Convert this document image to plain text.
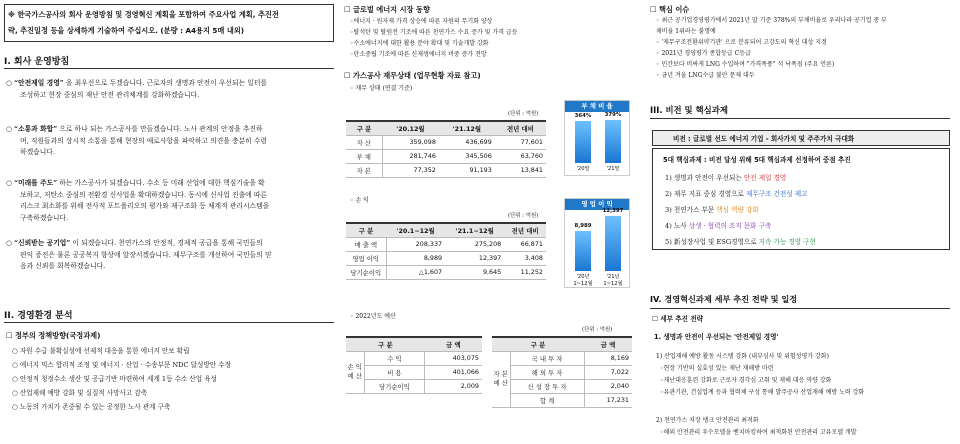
※ 한국가스공사의 회사 운영방침 및 경영혁신 계획을 포함하여 주요사업 계획, 추진전
략, 추진일정 등을 상세하게 기술하여 주십시오. (분량 : A4용지 5매 내외)
I. 회사 운영방침
○ “안전제일 경영” 을 최우선으로 두겠습니다. 근로자의 생명과 안전이 우선되는 일터를
조성하고 현장 중심의 재난 안전 관리체계를 강화하겠습니다.
○ “소통과 화합” 으로 하나 되는 가스공사를 만들겠습니다. 노사 관계의 안정을 추진하
며, 직원들과의 상시적 소통을 통해 현장의 애로사항을 파악하고 의견을 충분히 수렴
하겠습니다.
○ “미래를 주도” 하는 가스공사가 되겠습니다. 수소 등 미래 산업에 대한 핵심기술을 확
보하고, 저탄소 중심의 전환경 신사업을 확대하겠습니다. 동시에 신사업 진출에 따른
리스크 최소화를 위해 전사적 포트폴리오의 평가와 재구조화 등 체계적 관리시스템을
구축하겠습니다.
○ “신뢰받는 공기업” 이 되겠습니다. 천연가스의 안정적, 경제적 공급을 통해 국민들의
편익 증진은 물론 공공복지 향상에 앞장서겠습니다. 재무구조를 개선하여 국민들의 믿
음과 신뢰를 회복하겠습니다.
II. 경영환경 분석
☐ 정부의 정책방향(국정과제)
○ 자원 수급 불확실성에 선제적 대응을 통한 에너지 안보 확립
○ 에너지 믹스 합리적 조정 및 에너지 · 산업 · 수송부문 NDC 달성방안 수정
○ 안정적 청정수소 생산 및 공급기반 마련하여 세계 1등 수소 산업 육성
○ 산업재해 예방 강화 및 실질적 사망사고 감축
○ 노동의 가치가 존중될 수 있는 공정한 노사 관계 구축
☐ 글로벌 에너지 시장 동향
◦에너지 · 원자재 가격 상승에 따른 자원의 무기화 양상
◦탈석탄 및 탈원전 기조에 따른 천연가스 수요 증가 및 가격 급등
◦수소에너지에 대한 활용 분야 확대 및 기술개발 강화
◦탄소중립 기조에 따른 신재생에너지 비중 증가 전망
☐ 가스공사 재무상태 (업무현황 자료 참고)
◦ 재무 상태 (연결 기준)
(단위 : 억원)
구 분	'20.12월	'21.12월	전년 대비
자 산	359,098	436,699	77,601
부 채	281,746	345,506	63,760
자 본	77,352	91,193	13,841
부 채 비 율
364%
'20말
379%
'21말
◦ 손 익
(단위 : 억원)
구 분	'20.1~12월	'21.1~12월	전년 대비
매 출 액	208,337	275,208	66,871
영업 이익	8,989	12,397	3,408
당기순이익	△1,607	9,645	11,252
영 업 이 익
8,989
'20년 1~12월
12,397
'21년 1~12월
◦ 2022년도 예산
(단위 : 억원)
구 분		금 액
손 익 예 산	수 익	403,075
	비 용	401,066
	당기순이익	2,009
구 분		금 액
자 본 예 산	국 내 투 자	8,169
	해 외 투 자	7,022
	신 성 장 투 자	2,040
	합 계	17,231
☐ 핵심 이슈
◦ 최근 공기업경영평가에서 2021년 말 기준 378%의 부채비율로 우리나라 공기업 중 부
채비율 1위라는 불명예
◦ '재무구조전환위약기관' 으로 분류되어 고강도의 혁신 대상 지정
◦ 2021년 경영평가 종합등급 C등급
◦ 민간보다 비싸게 LNG 수입하며 "가격폭풍" 석 낙폭점 (주요 언론)
◦ 금년 겨울 LNG수급 불안 문제 대두
III. 비전 및 핵심과제
비전 : 글로벌 선도 에너지 기업 - 회사가치 및 주주가치 극대화
5대 핵심과제 : 비전 달성 위해 5대 핵심과제 선정하여 중점 추진
1) 생명과 안전이 우선되는 안전 제일 경영
2) 재무 지표 중심 경영으로 재무구조 건전성 제고
3) 천연가스 부문 핵심 역량 강화
4) 노사 상생 · 협력의 조직 문화 구축
5) 新성장사업 및 ESG경영으로 지속 가능 경영 구현
IV. 경영혁신과제 세부 추진 전략 및 일정
☐ 세부 추진 전략
1. 생명과 안전이 우선되는 '안전제일 경영'
1) 산업재해 예방 활동 시스템 강화 (내부심사 및 위험성평가 강화)
◦현장 기반의 실효성 있는 재난 재해방 마련
◦재난대응훈련 강화로 근로자 경각심 고취 및 재해 대응 역량 강화
◦유관기관, 건설업계 등과 협력체 구성 통해 발주공사 산업재해 예방 노력 강화
2) 천연가스 저장 탱크 안전관리 최적화
◦해외 안전관리 우수모델을 벤치마킹하여 최적화된 안전관리 고유모델 개발
